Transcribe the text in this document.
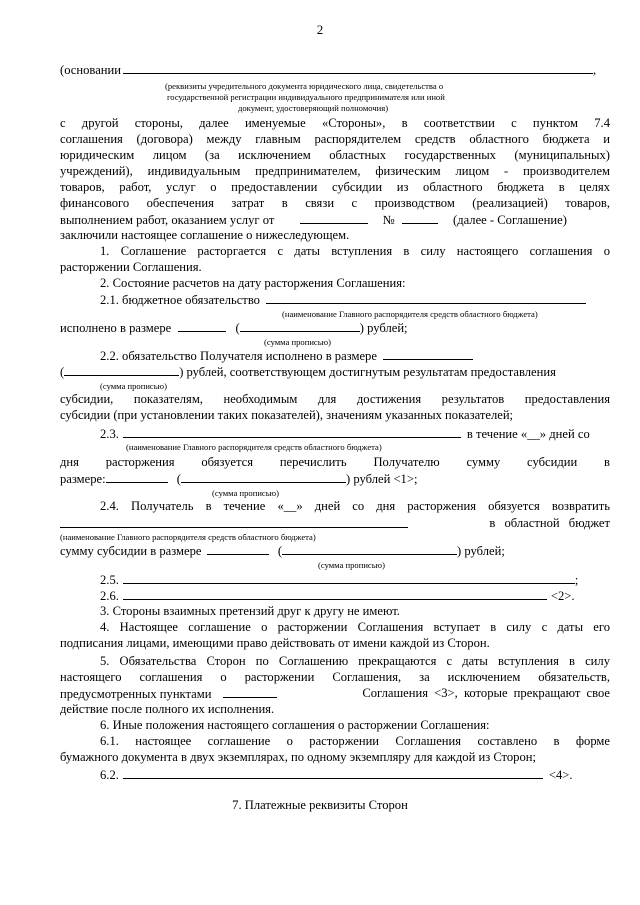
2
(основании	,
(реквизиты учредительного документа юридического лица, свидетельства о
государственной регистрации индивидуального предпринимателя или иной
документ, удостоверяющий полномочия)
с другой стороны, далее именуемые «Стороны», в соответствии с пунктом 7.4
соглашения (договора) между главным распорядителем средств областного бюджета и
юридическим лицом (за исключением областных государственных (муниципальных)
учреждений), индивидуальным предпринимателем, физическим лицом - производителем
товаров, работ, услуг о предоставлении субсидии из областного бюджета в целях
финансового обеспечения затрат в связи с производством (реализацией) товаров,
выполнением работ, оказанием услуг от	№	(далее - Соглашение)
заключили настоящее соглашение о нижеследующем.
1. Соглашение расторгается с даты вступления в силу настоящего соглашения о
расторжении Соглашения.
2. Состояние расчетов на дату расторжения Соглашения:
2.1. бюджетное обязательство
(наименование Главного распорядителя средств областного бюджета)
исполнено в размере	(	) рублей;
(сумма прописью)
2.2. обязательство Получателя исполнено в размере
(	) рублей, соответствующем достигнутым результатам предоставления
(сумма прописью)
субсидии, показателям, необходимым для достижения результатов предоставления
субсидии (при установлении таких показателей), значениям указанных показателей;
2.3.	в течение «__» дней со
(наименование Главного распорядителя средств областного бюджета)
дня расторжения обязуется перечислить Получателю сумму субсидии в
размере:	(	) рублей <1>;
(сумма прописью)
2.4. Получатель в течение «__» дней со дня расторжения обязуется возвратить
в областной бюджет
(наименование Главного распорядителя средств областного бюджета)
сумму субсидии в размере	(	) рублей;
(сумма прописью)
2.5.	;
2.6.	<2>.
3. Стороны взаимных претензий друг к другу не имеют.
4. Настоящее соглашение о расторжении Соглашения вступает в силу с даты его
подписания лицами, имеющими право действовать от имени каждой из Сторон.
5. Обязательства Сторон по Соглашению прекращаются с даты вступления в силу
настоящего соглашения о расторжении Соглашения, за исключением обязательств,
предусмотренных пунктами	Соглашения <3>, которые прекращают свое
действие после полного их исполнения.
6. Иные положения настоящего соглашения о расторжении Соглашения:
6.1. настоящее соглашение о расторжении Соглашения составлено в форме
бумажного документа в двух экземплярах, по одному экземпляру для каждой из Сторон;
6.2.	<4>.
7. Платежные реквизиты Сторон
